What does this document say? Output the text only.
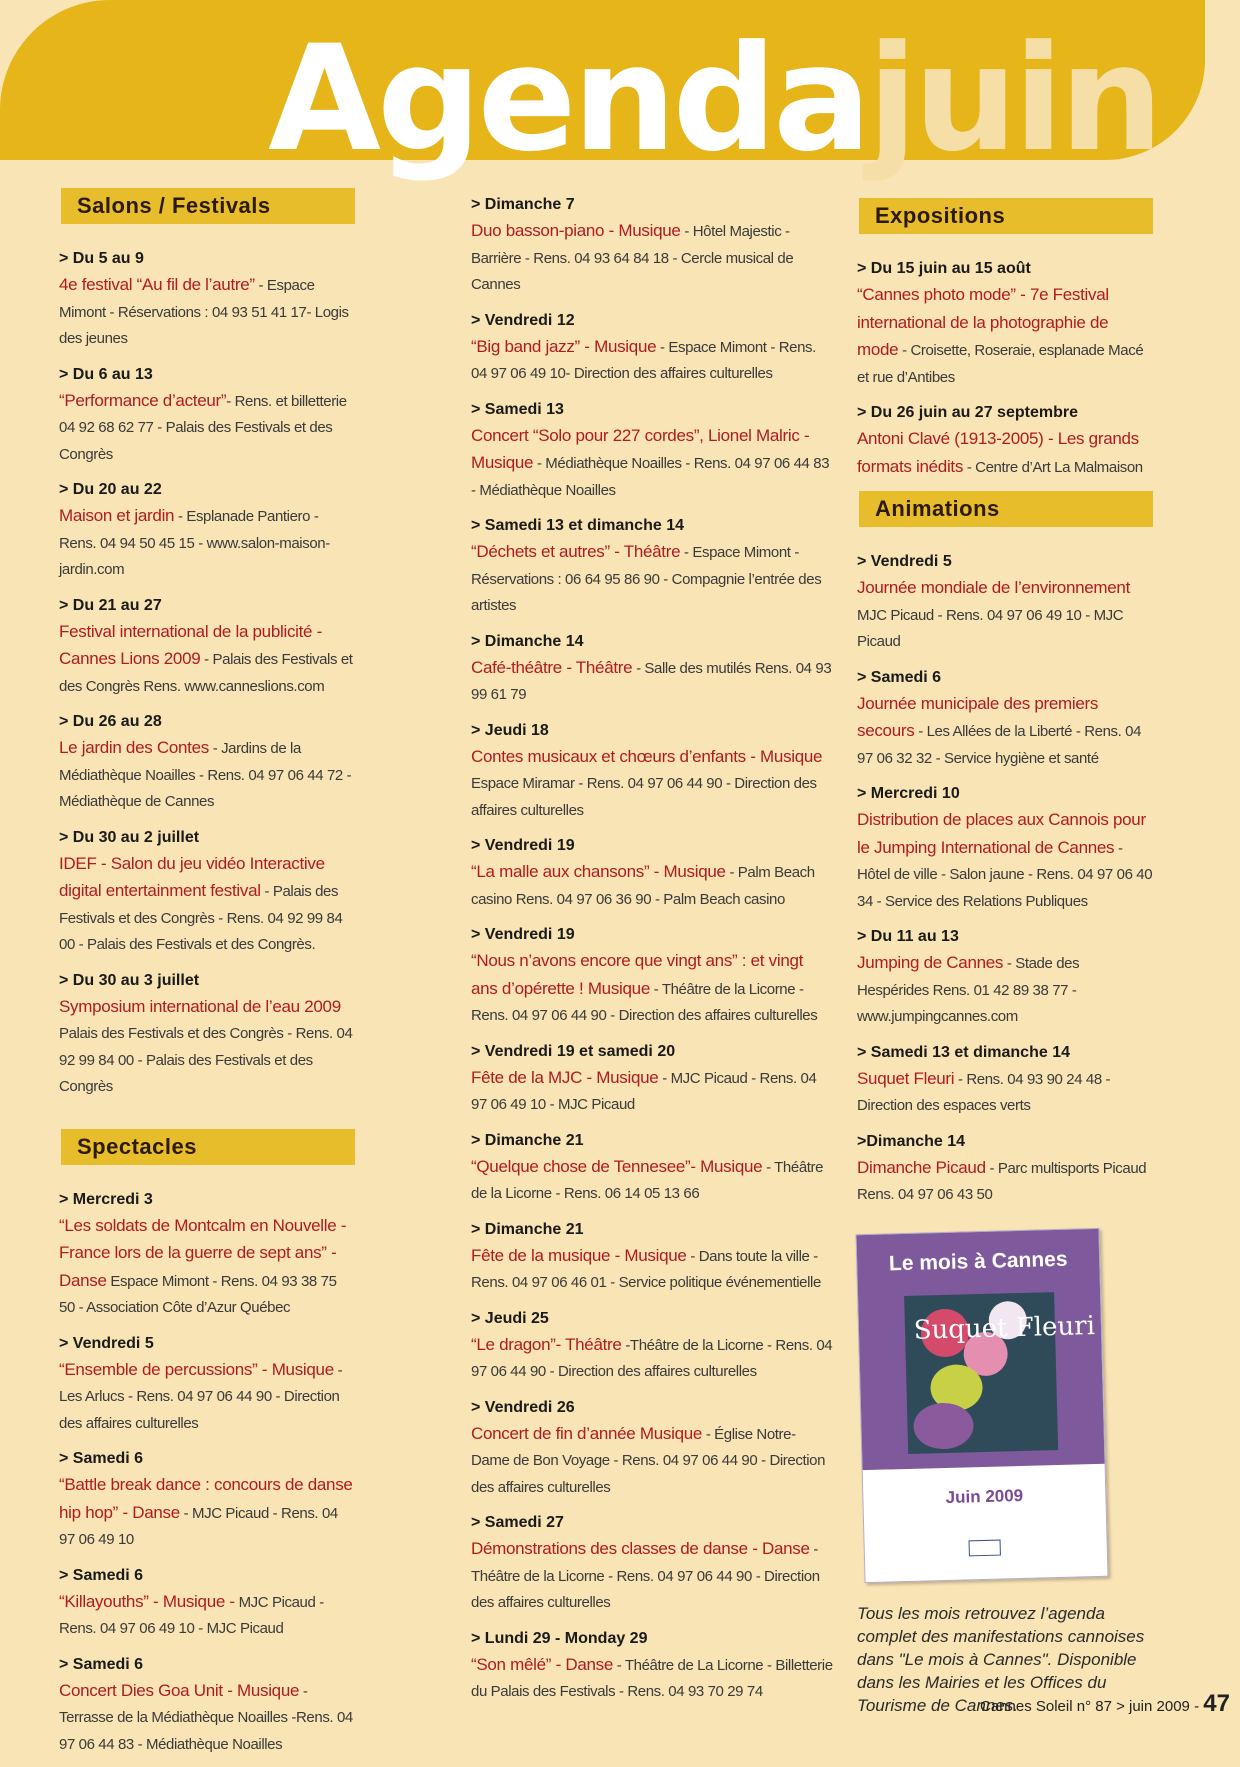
Agendajuin
Salons / Festivals
> Du 5 au 9

4e festival “Au fil de l’autre” - Espace Mimont - Réservations : 04 93 51 41 17- Logis des jeunes

> Du 6 au 13

“Performance d’acteur”- Rens. et billetterie 04 92 68 62 77 - Palais des Festivals et des Congrès

> Du 20 au 22

Maison et jardin - Esplanade Pantiero - Rens. 04 94 50 45 15 - www.salon-maison-jardin.com

> Du 21 au 27

Festival international de la publicité - Cannes Lions 2009 - Palais des Festivals et des Congrès Rens. www.canneslions.com

> Du 26 au 28

Le jardin des Contes - Jardins de la Médiathèque Noailles - Rens. 04 97 06 44 72 - Médiathèque de Cannes

> Du 30 au 2 juillet

IDEF - Salon du jeu vidéo Interactive digital entertainment festival - Palais des Festivals et des Congrès - Rens. 04 92 99 84 00 - Palais des Festivals et des Congrès.

> Du 30 au 3 juillet

Symposium international de l’eau 2009 Palais des Festivals et des Congrès - Rens. 04 92 99 84 00 - Palais des Festivals et des Congrès

Spectacles
> Mercredi 3

“Les soldats de Montcalm en Nouvelle - France lors de la guerre de sept ans” - Danse Espace Mimont - Rens. 04 93 38 75 50 - Association Côte d’Azur Québec

> Vendredi 5

“Ensemble de percussions” - Musique - Les Arlucs - Rens. 04 97 06 44 90 - Direction des affaires culturelles

> Samedi 6

“Battle break dance : concours de danse hip hop” - Danse - MJC Picaud - Rens. 04 97 06 49 10

> Samedi 6

“Killayouths” - Musique - MJC Picaud - Rens. 04 97 06 49 10 - MJC Picaud

> Samedi 6

Concert Dies Goa Unit - Musique - Terrasse de la Médiathèque Noailles -Rens. 04 97 06 44 83 - Médiathèque Noailles

> Dimanche 7

Duo basson-piano - Musique - Hôtel Majestic - Barrière - Rens. 04 93 64 84 18 - Cercle musical de Cannes

> Vendredi 12

“Big band jazz” - Musique - Espace Mimont - Rens. 04 97 06 49 10- Direction des affaires culturelles

> Samedi 13

Concert “Solo pour 227 cordes”, Lionel Malric - Musique - Médiathèque Noailles - Rens. 04 97 06 44 83 - Médiathèque Noailles

> Samedi 13 et dimanche 14

“Déchets et autres” - Théâtre - Espace Mimont - Réservations : 06 64 95 86 90 - Compagnie l’entrée des artistes

> Dimanche 14

Café-théâtre - Théâtre - Salle des mutilés Rens. 04 93 99 61 79

> Jeudi 18

Contes musicaux et chœurs d’enfants - Musique Espace Miramar - Rens. 04 97 06 44 90 - Direction des affaires culturelles

> Vendredi 19

“La malle aux chansons” - Musique - Palm Beach casino Rens. 04 97 06 36 90 - Palm Beach casino

> Vendredi 19

“Nous n’avons encore que vingt ans” : et vingt ans d’opérette ! Musique - Théâtre de la Licorne - Rens. 04 97 06 44 90 - Direction des affaires culturelles

> Vendredi 19 et samedi 20

Fête de la MJC - Musique - MJC Picaud - Rens. 04 97 06 49 10 - MJC Picaud

> Dimanche 21

“Quelque chose de Tennesee”- Musique - Théâtre de la Licorne - Rens. 06 14 05 13 66

> Dimanche 21

Fête de la musique - Musique - Dans toute la ville - Rens. 04 97 06 46 01 - Service politique événementielle

> Jeudi 25

“Le dragon”- Théâtre -Théâtre de la Licorne - Rens. 04 97 06 44 90 - Direction des affaires culturelles

> Vendredi 26

Concert de fin d’année Musique - Église Notre-Dame de Bon Voyage - Rens. 04 97 06 44 90 - Direction des affaires culturelles

> Samedi 27

Démonstrations des classes de danse - Danse - Théâtre de la Licorne - Rens. 04 97 06 44 90 - Direction des affaires culturelles

> Lundi 29 - Monday 29

“Son mêlé” - Danse - Théâtre de La Licorne - Billetterie du Palais des Festivals - Rens. 04 93 70 29 74

Expositions
> Du 15 juin au 15 août

“Cannes photo mode” - 7e Festival international de la photographie de mode - Croisette, Roseraie, esplanade Macé et rue d’Antibes

> Du 26 juin au 27 septembre

Antoni Clavé (1913-2005) - Les grands formats inédits - Centre d’Art La Malmaison

Animations
> Vendredi 5

Journée mondiale de l’environnement MJC Picaud - Rens. 04 97 06 49 10 - MJC Picaud

> Samedi 6

Journée municipale des premiers secours - Les Allées de la Liberté - Rens. 04 97 06 32 32 - Service hygiène et santé

> Mercredi 10

Distribution de places aux Cannois pour le Jumping International de Cannes - Hôtel de ville - Salon jaune - Rens. 04 97 06 40 34 - Service des Relations Publiques

> Du 11 au 13

Jumping de Cannes - Stade des Hespérides Rens. 01 42 89 38 77 - www.jumpingcannes.com

> Samedi 13 et dimanche 14

Suquet Fleuri - Rens. 04 93 90 24 48 - Direction des espaces verts

>Dimanche 14

Dimanche Picaud - Parc multisports Picaud Rens. 04 97 06 43 50

Le mois à Cannes
Suquet Fleuri
Juin 2009

Tous les mois retrouvez l’agenda complet des manifestations cannoises dans "Le mois à Cannes". Disponible dans les Mairies et les Offices du Tourisme de Cannes.

Cannes Soleil n° 87 > juin 2009 - 47
